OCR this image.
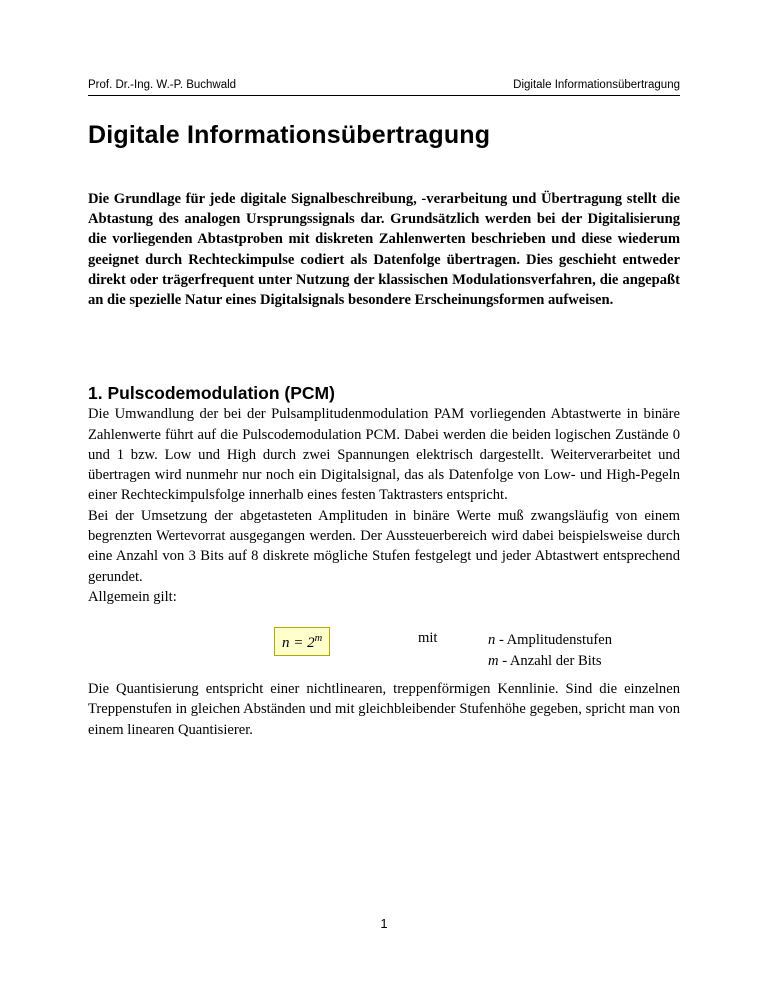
Prof. Dr.-Ing. W.-P. Buchwald	Digitale Informationsübertragung
Digitale Informationsübertragung
Die Grundlage für jede digitale Signalbeschreibung, -verarbeitung und Übertragung stellt die Abtastung des analogen Ursprungssignals dar. Grundsätzlich werden bei der Digitalisierung die vorliegenden Abtastproben mit diskreten Zahlenwerten beschrieben und diese wiederum geeignet durch Rechteckimpulse codiert als Datenfolge übertragen. Dies geschieht entweder direkt oder trägerfrequent unter Nutzung der klassischen Modulationsverfahren, die angepaßt an die spezielle Natur eines Digitalsignals besondere Erscheinungsformen aufweisen.
1. Pulscodemodulation (PCM)

Die Umwandlung der bei der Pulsamplitudenmodulation PAM vorliegenden Abtastwerte in binäre Zahlenwerte führt auf die Pulscodemodulation PCM. Dabei werden die beiden logischen Zustände 0 und 1 bzw. Low und High durch zwei Spannungen elektrisch dargestellt. Weiterverarbeitet und übertragen wird nunmehr nur noch ein Digitalsignal, das als Datenfolge von Low- und High-Pegeln einer Rechteckimpulsfolge innerhalb eines festen Taktrasters entspricht.

Bei der Umsetzung der abgetasteten Amplituden in binäre Werte muß zwangsläufig von einem begrenzten Wertevorrat ausgegangen werden. Der Aussteuerbereich wird dabei beispielsweise durch eine Anzahl von 3 Bits auf 8 diskrete mögliche Stufen festgelegt und jeder Abtastwert entsprechend gerundet.

Allgemein gilt:

$n = 2^m$	mit	n - Amplitudenstufen
m - Anzahl der Bits

Die Quantisierung entspricht einer nichtlinearen, treppenförmigen Kennlinie. Sind die einzelnen Treppenstufen in gleichen Abständen und mit gleichbleibender Stufenhöhe gegeben, spricht man von einem linearen Quantisierer.

1
